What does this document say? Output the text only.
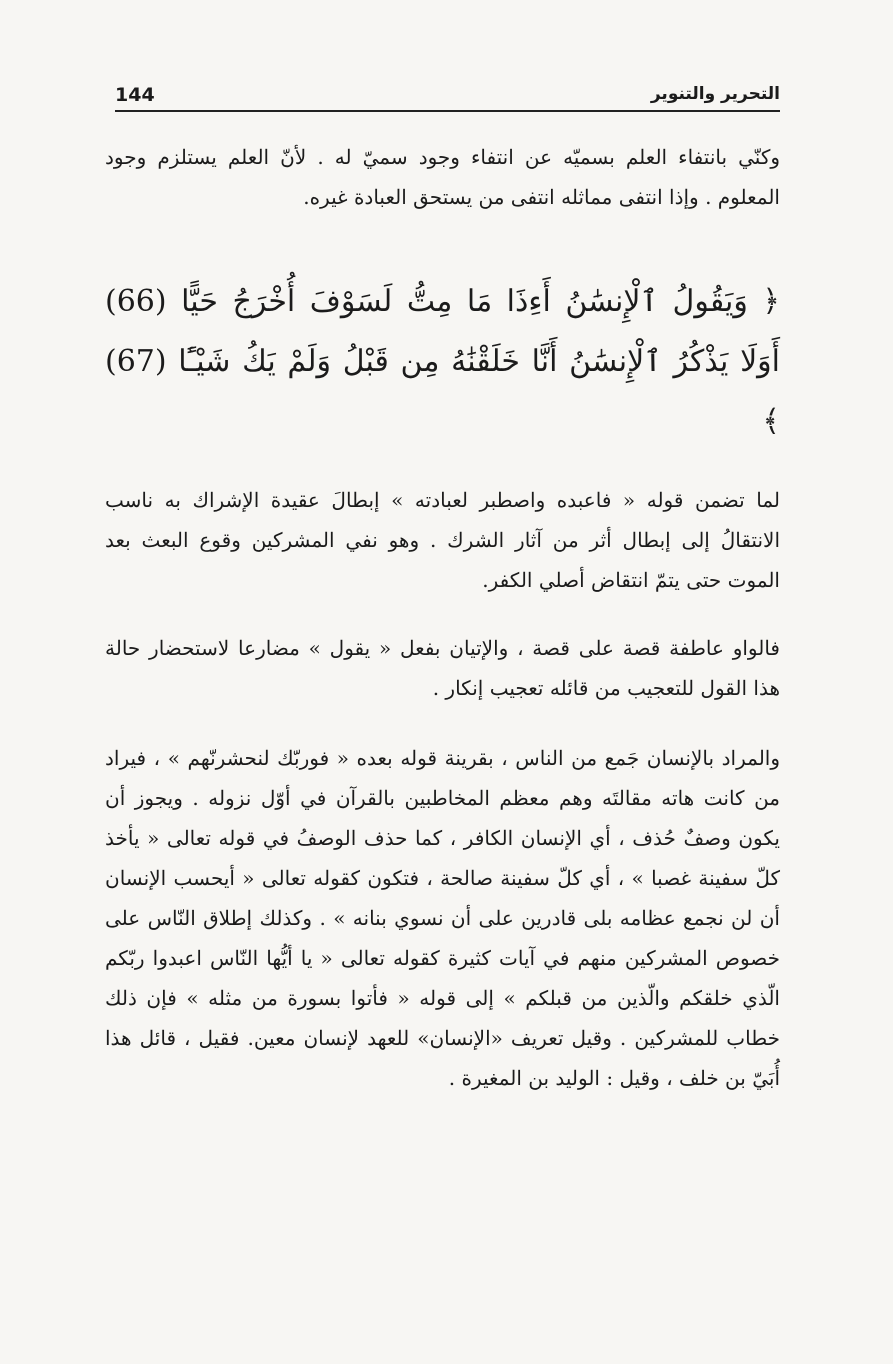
144	التحرير والتنوير

وكنّي بانتفاء العلم بسميّه عن انتفاء وجود سميّ له . لأنّ العلم يستلزم وجود المعلوم . وإذا انتفى مماثله انتفى من يستحق العبادة غيره.

﴿ وَيَقُولُ ٱلْإِنسَٰنُ أَءِذَا مَا مِتُّ لَسَوْفَ أُخْرَجُ حَيًّا (66) أَوَلَا يَذْكُرُ ٱلْإِنسَٰنُ أَنَّا خَلَقْنَٰهُ مِن قَبْلُ وَلَمْ يَكُ شَيْـًٔا (67) ﴾

لما تضمن قوله « فاعبده واصطبر لعبادته » إبطالَ عقيدة الإشراك به ناسب الانتقالُ إلى إبطال أثر من آثار الشرك . وهو نفي المشركين وقوع البعث بعد الموت حتى يتمّ انتقاض أصلي الكفر.

فالواو عاطفة قصة على قصة ، والإتيان بفعل « يقول » مضارعا لاستحضار حالة هذا القول للتعجيب من قائله تعجيب إنكار .

والمراد بالإنسان جَمع من الناس ، بقرينة قوله بعده « فوربّك لنحشرنّهم » ، فيراد من كانت هاته مقالتَه وهم معظم المخاطبين بالقرآن في أوّل نزوله . ويجوز أن يكون وصفٌ حُذف ، أي الإنسان الكافر ، كما حذف الوصفُ في قوله تعالى « يأخذ كلّ سفينة غصبا » ، أي كلّ سفينة صالحة ، فتكون كقوله تعالى « أيحسب الإنسان أن لن نجمع عظامه بلى قادرين على أن نسوي بنانه » . وكذلك إطلاق النّاس على خصوص المشركين منهم في آيات كثيرة كقوله تعالى « يا أيُّها النّاس اعبدوا ربّكم الّذي خلقكم والّذين من قبلكم » إلى قوله « فأتوا بسورة من مثله » فإن ذلك خطاب للمشركين . وقيل تعريف «الإنسان» للعهد لإنسان معين. فقيل ، قائل هذا أُبَيّ بن خلف ، وقيل : الوليد بن المغيرة .
